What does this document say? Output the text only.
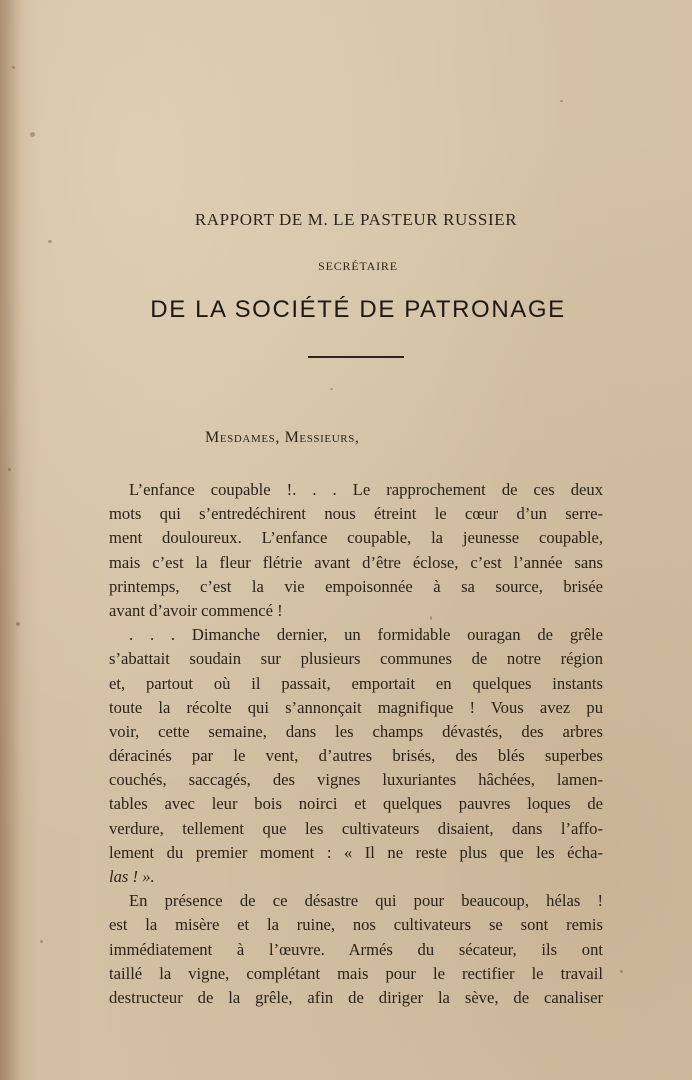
RAPPORT DE M. LE PASTEUR RUSSIER
SECRÉTAIRE
DE LA SOCIÉTÉ DE PATRONAGE
Mesdames, Messieurs,
L’enfance coupable !. . . Le rapprochement de ces deux
mots qui s’entredéchirent nous étreint le cœur d’un serre-
ment douloureux. L’enfance coupable, la jeunesse coupable,
mais c’est la fleur flétrie avant d’être éclose, c’est l’année sans
printemps, c’est la vie empoisonnée à sa source, brisée
avant d’avoir commencé !
. . . Dimanche dernier, un formidable ouragan de grêle
s’abattait soudain sur plusieurs communes de notre région
et, partout où il passait, emportait en quelques instants
toute la récolte qui s’annonçait magnifique ! Vous avez pu
voir, cette semaine, dans les champs dévastés, des arbres
déracinés par le vent, d’autres brisés, des blés superbes
couchés, saccagés, des vignes luxuriantes hâchées, lamen-
tables avec leur bois noirci et quelques pauvres loques de
verdure, tellement que les cultivateurs disaient, dans l’affo-
lement du premier moment : « Il ne reste plus que les écha-
las ! ».
En présence de ce désastre qui pour beaucoup, hélas !
est la misère et la ruine, nos cultivateurs se sont remis
immédiatement à l’œuvre. Armés du sécateur, ils ont
taillé la vigne, complétant mais pour le rectifier le travail
destructeur de la grêle, afin de diriger la sève, de canaliser
